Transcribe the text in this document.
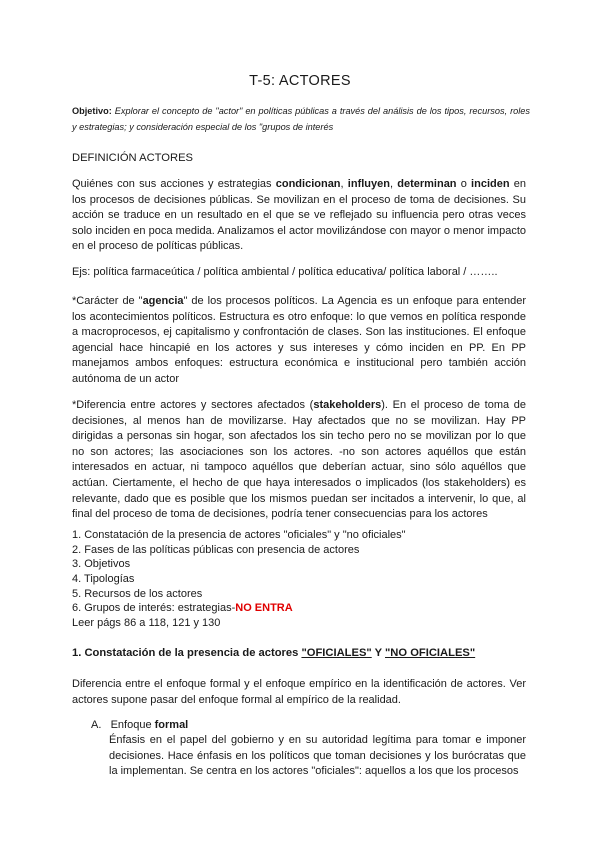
T-5: ACTORES
Objetivo: Explorar el concepto de "actor" en políticas públicas a través del análisis de los tipos, recursos, roles y estrategias; y consideración especial de los "grupos de interés
DEFINICIÓN ACTORES
Quiénes con sus acciones y estrategias condicionan, influyen, determinan o inciden en los procesos de decisiones públicas. Se movilizan en el proceso de toma de decisiones. Su acción se traduce en un resultado en el que se ve reflejado su influencia pero otras veces solo inciden en poca medida. Analizamos el actor movilizándose con mayor o menor impacto en el proceso de políticas públicas.
Ejs: política farmaceútica / política ambiental / política educativa/ política laboral / ……..
*Carácter de "agencia" de los procesos políticos. La Agencia es un enfoque para entender los acontecimientos políticos. Estructura es otro enfoque: lo que vemos en política responde a macroprocesos, ej capitalismo y confrontación de clases. Son las instituciones. El enfoque agencial hace hincapié en los actores y sus intereses y cómo inciden en PP. En PP manejamos ambos enfoques: estructura económica e institucional pero también acción autónoma de un actor
*Diferencia entre actores y sectores afectados (stakeholders). En el proceso de toma de decisiones, al menos han de movilizarse. Hay afectados que no se movilizan. Hay PP dirigidas a personas sin hogar, son afectados los sin techo pero no se movilizan por lo que no son actores; las asociaciones son los actores. -no son actores aquéllos que están interesados en actuar, ni tampoco aquéllos que deberían actuar, sino sólo aquéllos que actúan. Ciertamente, el hecho de que haya interesados o implicados (los stakeholders) es relevante, dado que es posible que los mismos puedan ser incitados a intervenir, lo que, al final del proceso de toma de decisiones, podría tener consecuencias para los actores
1. Constatación de la presencia de actores "oficiales" y "no oficiales"
2. Fases de las políticas públicas con presencia de actores
3. Objetivos
4. Tipologías
5. Recursos de los actores
6. Grupos de interés: estrategias-NO ENTRA
Leer págs 86 a 118, 121 y 130
1. Constatación de la presencia de actores "OFICIALES" Y "NO OFICIALES"
Diferencia entre el enfoque formal y el enfoque empírico en la identificación de actores. Ver actores supone pasar del enfoque formal al empírico de la realidad.
A. Enfoque formal
Énfasis en el papel del gobierno y en su autoridad legítima para tomar e imponer decisiones. Hace énfasis en los políticos que toman decisiones y los burócratas que la implementan. Se centra en los actores "oficiales": aquellos a los que los procesos
